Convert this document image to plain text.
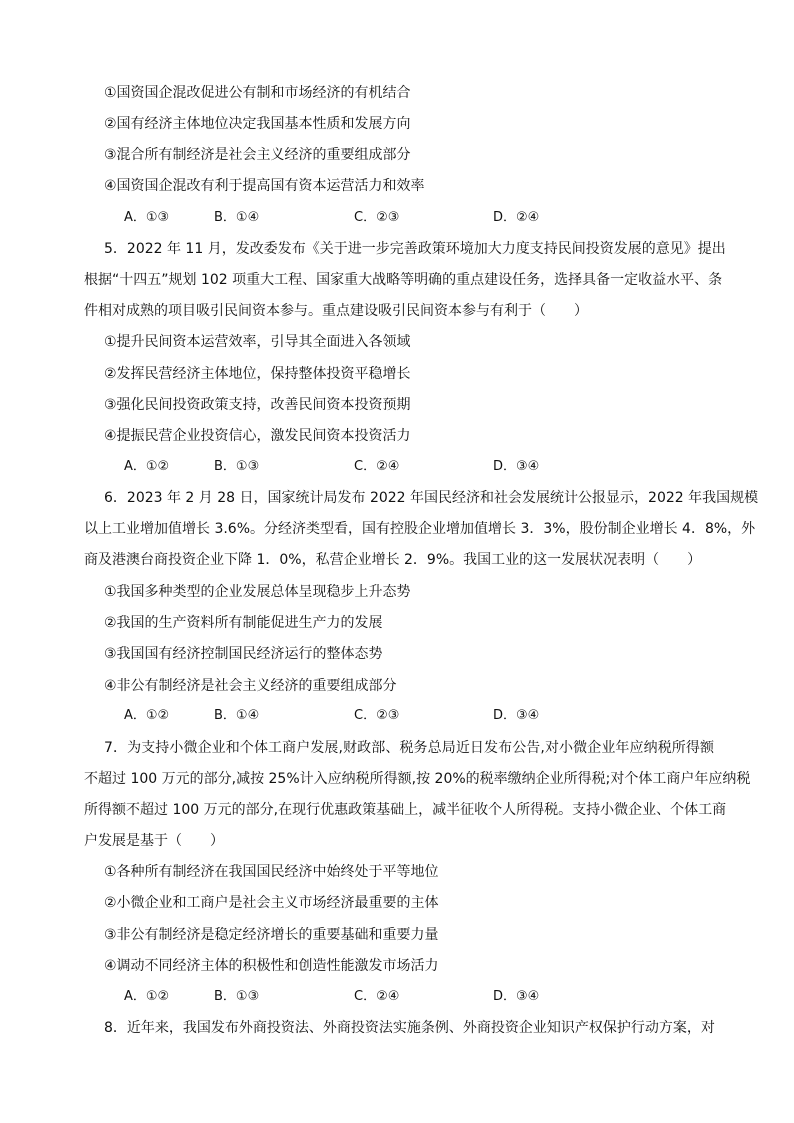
①国资国企混改促进公有制和市场经济的有机结合
②国有经济主体地位决定我国基本性质和发展方向
③混合所有制经济是社会主义经济的重要组成部分
④国资国企混改有利于提高国有资本运营活力和效率
A．①③	B．①④	C．②③	D．②④
5．2022 年 11 月，发改委发布《关于进一步完善政策环境加大力度支持民间投资发展的意见》提出
根据“十四五”规划 102 项重大工程、国家重大战略等明确的重点建设任务，选择具备一定收益水平、条
件相对成熟的项目吸引民间资本参与。重点建设吸引民间资本参与有利于（　　）
①提升民间资本运营效率，引导其全面进入各领域
②发挥民营经济主体地位，保持整体投资平稳增长
③强化民间投资政策支持，改善民间资本投资预期
④提振民营企业投资信心，激发民间资本投资活力
A．①②	B．①③	C．②④	D．③④
6．2023 年 2 月 28 日，国家统计局发布 2022 年国民经济和社会发展统计公报显示，2022 年我国规模
以上工业增加值增长 3.6%。分经济类型看，国有控股企业增加值增长 3．3%，股份制企业增长 4．8%，外
商及港澳台商投资企业下降 1．0%，私营企业增长 2．9%。我国工业的这一发展状况表明（　　）
①我国多种类型的企业发展总体呈现稳步上升态势
②我国的生产资料所有制能促进生产力的发展
③我国国有经济控制国民经济运行的整体态势
④非公有制经济是社会主义经济的重要组成部分
A．①②	B．①④	C．②③	D．③④
7．为支持小微企业和个体工商户发展,财政部、税务总局近日发布公告,对小微企业年应纳税所得额
不超过 100 万元的部分,减按 25%计入应纳税所得额,按 20%的税率缴纳企业所得税;对个体工商户年应纳税
所得额不超过 100 万元的部分,在现行优惠政策基础上，减半征收个人所得税。支持小微企业、个体工商
户发展是基于（　　）
①各种所有制经济在我国国民经济中始终处于平等地位
②小微企业和工商户是社会主义市场经济最重要的主体
③非公有制经济是稳定经济增长的重要基础和重要力量
④调动不同经济主体的积极性和创造性能激发市场活力
A．①②	B．①③	C．②④	D．③④
8．近年来，我国发布外商投资法、外商投资法实施条例、外商投资企业知识产权保护行动方案，对
